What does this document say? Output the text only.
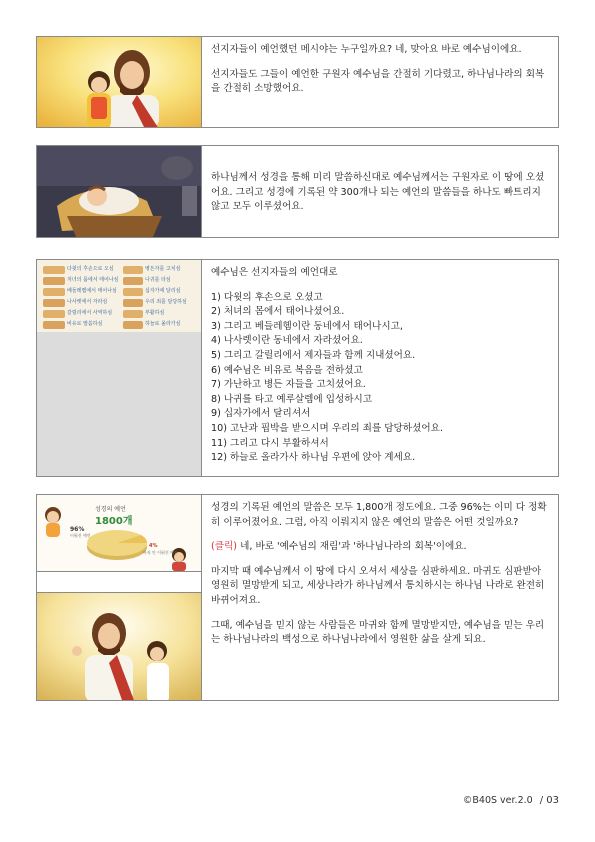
선지자들이 예언했던 메시야는 누구일까요? 네, 맞아요 바로 예수님이에요.

선지자들도 그들이 예언한 구원자 예수님을 간절히 기다렸고, 하나님나라의 회복을 간절히 소망했어요.

하나님께서 성경을 통해 미리 말씀하신대로 예수님께서는 구원자로 이 땅에 오셨어요. 그리고 성경에 기록된 약 300개나 되는 예언의 말씀들을 하나도 빠트리지 않고 모두 이루셨어요.

다윗의 후손으로 오심
처녀의 몸에서 태어나심
베들레헴에서 태어나심
나사렛에서 자라심
갈릴리에서 사역하심
비유로 말씀하심
병든자를 고치심
나귀를 타심
십자가에 달리심
우리 죄를 담당하심
부활하심
하늘로 올라가심

예수님은 선지자들의 예언대로

1) 다윗의 후손으로 오셨고
2) 처녀의 몸에서 태어나셨어요.
3) 그리고 베들레헴이란 동네에서 태어나시고,
4) 나사렛이란 동네에서 자라셨어요.
5) 그리고 갈릴리에서 제자들과 함께 지내셨어요.
6) 예수님은 비유로 복음을 전하셨고
7) 가난하고 병든 자들을 고치셨어요.
8) 나귀를 타고 예루살렘에 입성하시고
9) 십자가에서 달리셔서
10) 고난과 핍박을 받으시며 우리의 죄를 담당하셨어요.
11) 그리고 다시 부활하셔서
12) 하늘로 올라가사 하나님 우편에 앉아 계세요.
성경의 예언
1800개
96%
이뤄진 예언
4%
아직 안 이뤄진 예언

성경의 기록된 예언의 말씀은 모두 1,800개 정도에요. 그중 96%는 이미 다 정확히 이루어졌어요. 그럼, 아직 이뤄지지 않은 예언의 말씀은 어떤 것일까요?

(클릭) 네, 바로 '예수님의 재림'과 '하나님나라의 회복'이에요.

마지막 때 예수님께서 이 땅에 다시 오셔서 세상을 심판하세요. 마귀도 심판받아 영원히 멸망받게 되고, 세상나라가 하나님께서 통치하시는 하나님 나라로 완전히 바뀌어져요.

그때, 예수님을 믿지 않는 사람들은 마귀와 함께 멸망받지만, 예수님을 믿는 우리는 하나님나라의 백성으로 하나님나라에서 영원한 삶을 살게 되요.

©B40S ver.2.0 / 03
